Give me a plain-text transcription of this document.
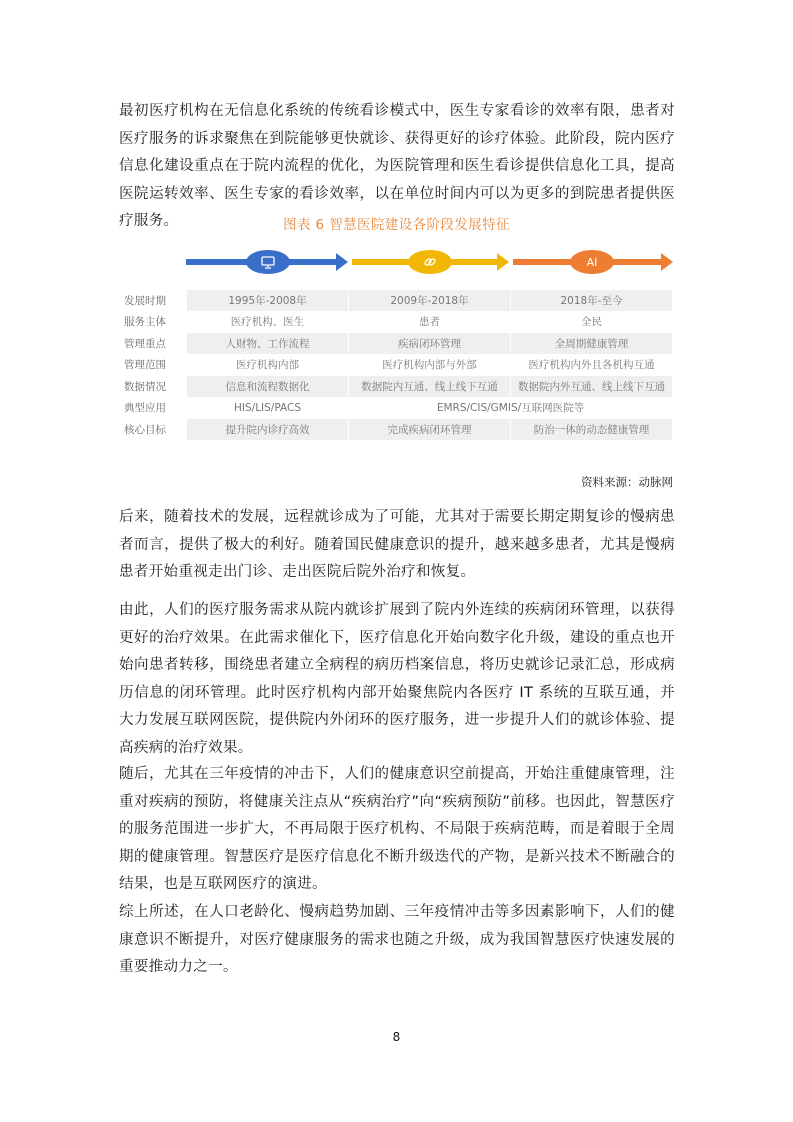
最初医疗机构在无信息化系统的传统看诊模式中，医生专家看诊的效率有限，患者对医疗服务的诉求聚焦在到院能够更快就诊、获得更好的诊疗体验。此阶段，院内医疗信息化建设重点在于院内流程的优化，为医院管理和医生看诊提供信息化工具，提高医院运转效率、医生专家的看诊效率，以在单位时间内可以为更多的到院患者提供医疗服务。	图表 6 智慧医院建设各阶段发展特征
AI
发展时期	1995年-2008年	2009年-2018年	2018年-至今
服务主体	医疗机构、医生	患者	全民
管理重点	人财物、工作流程	疾病闭环管理	全周期健康管理
管理范围	医疗机构内部	医疗机构内部与外部	医疗机构内外且各机构互通
数据情况	信息和流程数据化	数据院内互通、线上线下互通	数据院内外互通、线上线下互通
典型应用	HIS/LIS/PACS	EMRS/CIS/GMIS/互联网医院等	
核心目标	提升院内诊疗高效	完成疾病闭环管理	防治一体的动态健康管理
资料来源：动脉网

后来，随着技术的发展，远程就诊成为了可能，尤其对于需要长期定期复诊的慢病患者而言，提供了极大的利好。随着国民健康意识的提升，越来越多患者，尤其是慢病患者开始重视走出门诊、走出医院后院外治疗和恢复。

由此，人们的医疗服务需求从院内就诊扩展到了院内外连续的疾病闭环管理，以获得更好的治疗效果。在此需求催化下，医疗信息化开始向数字化升级，建设的重点也开始向患者转移，围绕患者建立全病程的病历档案信息，将历史就诊记录汇总，形成病历信息的闭环管理。此时医疗机构内部开始聚焦院内各医疗 IT 系统的互联互通，并大力发展互联网医院，提供院内外闭环的医疗服务，进一步提升人们的就诊体验、提高疾病的治疗效果。

随后，尤其在三年疫情的冲击下，人们的健康意识空前提高，开始注重健康管理，注重对疾病的预防，将健康关注点从“疾病治疗”向“疾病预防”前移。也因此，智慧医疗的服务范围进一步扩大，不再局限于医疗机构、不局限于疾病范畴，而是着眼于全周期的健康管理。智慧医疗是医疗信息化不断升级迭代的产物，是新兴技术不断融合的结果，也是互联网医疗的演进。

综上所述，在人口老龄化、慢病趋势加剧、三年疫情冲击等多因素影响下，人们的健康意识不断提升，对医疗健康服务的需求也随之升级，成为我国智慧医疗快速发展的重要推动力之一。

8
